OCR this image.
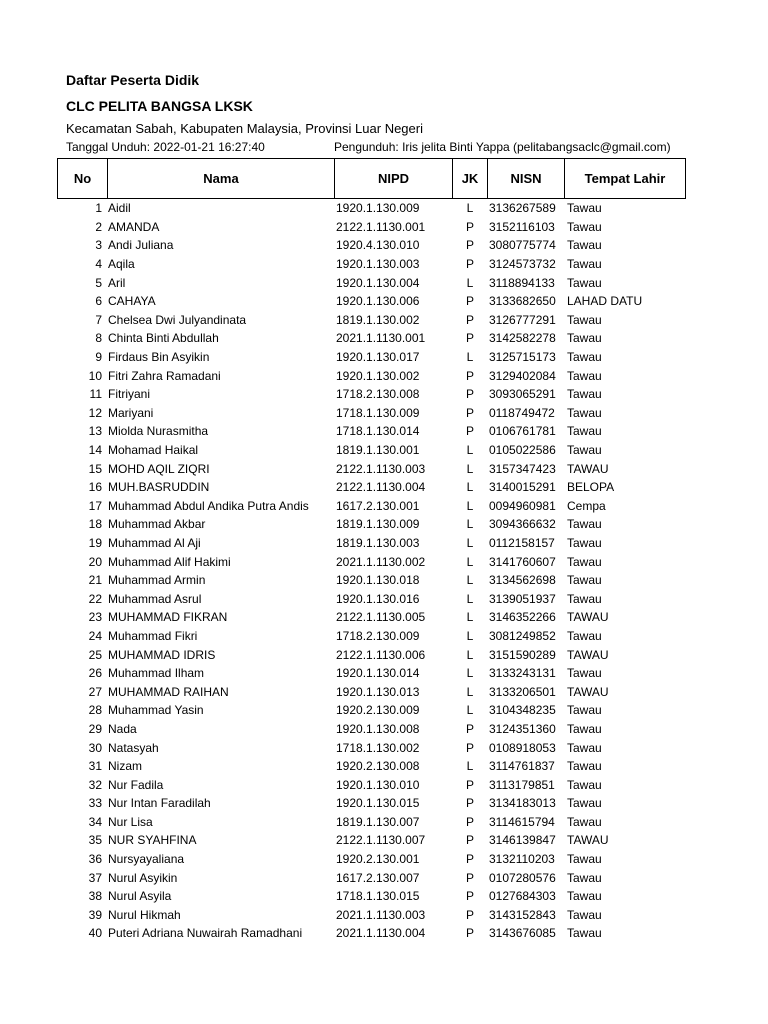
Daftar Peserta Didik
CLC PELITA BANGSA LKSK
Kecamatan Sabah, Kabupaten Malaysia, Provinsi Luar Negeri
Tanggal Unduh: 2022-01-21 16:27:40	Pengunduh: Iris jelita Binti Yappa (pelitabangsaclc@gmail.com)
No	Nama	NIPD	JK	NISN	Tempat Lahir
1	Aidil	1920.1.130.009	L	3136267589	Tawau
2	AMANDA	2122.1.1130.001	P	3152116103	Tawau
3	Andi Juliana	1920.4.130.010	P	3080775774	Tawau
4	Aqila	1920.1.130.003	P	3124573732	Tawau
5	Aril	1920.1.130.004	L	3118894133	Tawau
6	CAHAYA	1920.1.130.006	P	3133682650	LAHAD DATU
7	Chelsea Dwi Julyandinata	1819.1.130.002	P	3126777291	Tawau
8	Chinta Binti Abdullah	2021.1.1130.001	P	3142582278	Tawau
9	Firdaus Bin Asyikin	1920.1.130.017	L	3125715173	Tawau
10	Fitri Zahra Ramadani	1920.1.130.002	P	3129402084	Tawau
11	Fitriyani	1718.2.130.008	P	3093065291	Tawau
12	Mariyani	1718.1.130.009	P	0118749472	Tawau
13	Miolda Nurasmitha	1718.1.130.014	P	0106761781	Tawau
14	Mohamad Haikal	1819.1.130.001	L	0105022586	Tawau
15	MOHD AQIL ZIQRI	2122.1.1130.003	L	3157347423	TAWAU
16	MUH.BASRUDDIN	2122.1.1130.004	L	3140015291	BELOPA
17	Muhammad Abdul Andika Putra Andis	1617.2.130.001	L	0094960981	Cempa
18	Muhammad Akbar	1819.1.130.009	L	3094366632	Tawau
19	Muhammad Al Aji	1819.1.130.003	L	0112158157	Tawau
20	Muhammad Alif Hakimi	2021.1.1130.002	L	3141760607	Tawau
21	Muhammad Armin	1920.1.130.018	L	3134562698	Tawau
22	Muhammad Asrul	1920.1.130.016	L	3139051937	Tawau
23	MUHAMMAD FIKRAN	2122.1.1130.005	L	3146352266	TAWAU
24	Muhammad Fikri	1718.2.130.009	L	3081249852	Tawau
25	MUHAMMAD IDRIS	2122.1.1130.006	L	3151590289	TAWAU
26	Muhammad Ilham	1920.1.130.014	L	3133243131	Tawau
27	MUHAMMAD RAIHAN	1920.1.130.013	L	3133206501	TAWAU
28	Muhammad Yasin	1920.2.130.009	L	3104348235	Tawau
29	Nada	1920.1.130.008	P	3124351360	Tawau
30	Natasyah	1718.1.130.002	P	0108918053	Tawau
31	Nizam	1920.2.130.008	L	3114761837	Tawau
32	Nur Fadila	1920.1.130.010	P	3113179851	Tawau
33	Nur Intan Faradilah	1920.1.130.015	P	3134183013	Tawau
34	Nur Lisa	1819.1.130.007	P	3114615794	Tawau
35	NUR SYAHFINA	2122.1.1130.007	P	3146139847	TAWAU
36	Nursyayaliana	1920.2.130.001	P	3132110203	Tawau
37	Nurul Asyikin	1617.2.130.007	P	0107280576	Tawau
38	Nurul Asyila	1718.1.130.015	P	0127684303	Tawau
39	Nurul Hikmah	2021.1.1130.003	P	3143152843	Tawau
40	Puteri Adriana Nuwairah Ramadhani	2021.1.1130.004	P	3143676085	Tawau
